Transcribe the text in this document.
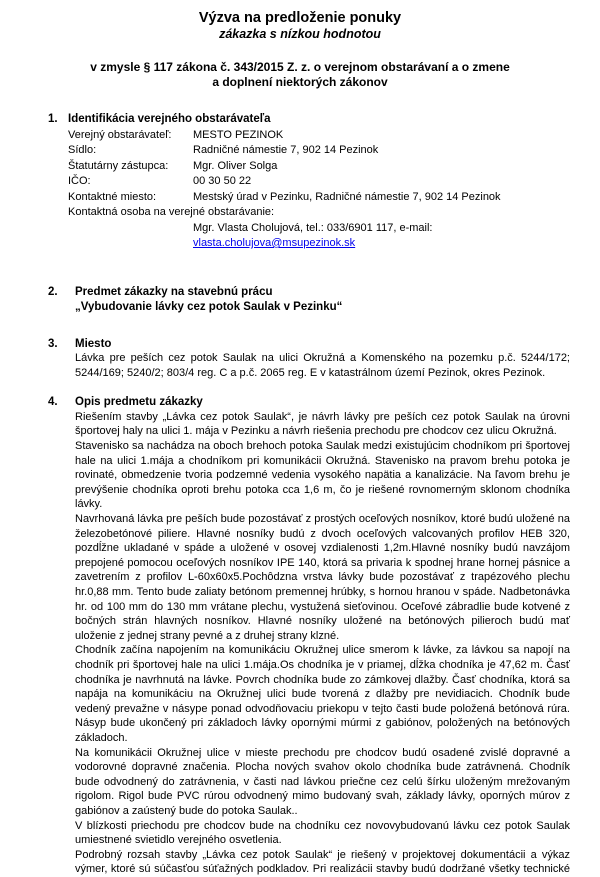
Výzva na predloženie ponuky
zákazka s nízkou hodnotou
v zmysle § 117 zákona č. 343/2015 Z. z. o verejnom obstarávaní a o zmene
a doplnení niektorých zákonov
1. Identifikácia verejného obstarávateľa
Verejný obstarávateľ:	MESTO PEZINOK
Sídlo:	Radničné námestie 7, 902 14 Pezinok
Štatutárny zástupca:	Mgr. Oliver Solga
IČO:	00 30 50 22
Kontaktné miesto:	Mestský úrad v Pezinku, Radničné námestie 7, 902 14 Pezinok
Kontaktná osoba na verejné obstarávanie:
Mgr. Vlasta Cholujová, tel.: 033/6901 117, e-mail:
vlasta.cholujova@msupezinok.sk
2.	Predmet zákazky na stavebnú prácu
„Vybudovanie lávky cez potok Saulak v Pezinku“
3.	Miesto

Lávka pre peších cez potok Saulak na ulici Okružná a Komenského na pozemku p.č. 5244/172; 5244/169; 5240/2; 803/4 reg. C a p.č. 2065 reg. E v katastrálnom území Pezinok, okres Pezinok.

4.	Opis predmetu zákazky

Riešením stavby „Lávka cez potok Saulak“, je návrh lávky pre peších cez potok Saulak na úrovni športovej haly na ulici 1. mája v Pezinku a návrh riešenia prechodu pre chodcov cez ulicu Okružná.

Stavenisko sa nachádza na oboch brehoch potoka Saulak medzi existujúcim chodníkom pri športovej hale na ulici 1.mája a chodníkom pri komunikácii Okružná. Stavenisko na pravom brehu potoka je rovinaté, obmedzenie tvoria podzemné vedenia vysokého napätia a kanalizácie. Na ľavom brehu je prevýšenie chodníka oproti brehu potoka cca 1,6 m, čo je riešené rovnomerným sklonom chodníka lávky.

Navrhovaná lávka pre peších bude pozostávať z prostých oceľových nosníkov, ktoré budú uložené na železobetónové piliere. Hlavné nosníky budú z dvoch oceľových valcovaných profilov HEB 320, pozdĺžne ukladané v spáde a uložené v osovej vzdialenosti 1,2m.Hlavné nosníky budú navzájom prepojené pomocou oceľových nosníkov IPE 140, ktorá sa privaria k spodnej hrane hornej pásnice a zavetrením z profilov L-60x60x5.Pochôdzna vrstva lávky bude pozostávať z trapézového plechu hr.0,88 mm. Tento bude zaliaty betónom premennej hrúbky, s hornou hranou v spáde. Nadbetonávka hr. od 100 mm do 130 mm vrátane plechu, vystužená sieťovinou. Oceľové zábradlie bude kotvené z bočných strán hlavných nosníkov. Hlavné nosníky uložené na betónových pilieroch budú mať uloženie z jednej strany pevné a z druhej strany klzné.

Chodník začína napojením na komunikáciu Okružnej ulice smerom k lávke, za lávkou sa napojí na chodník pri športovej hale na ulici 1.mája.Os chodníka je v priamej, dĺžka chodníka je 47,62 m. Časť chodníka je navrhnutá na lávke. Povrch chodníka bude zo zámkovej dlažby. Časť chodníka, ktorá sa napája na komunikáciu na Okružnej ulici bude tvorená z dlažby pre nevidiacich. Chodník bude vedený prevažne v násype ponad odvodňovaciu priekopu v tejto časti bude položená betónová rúra. Násyp bude ukončený pri základoch lávky opornými múrmi z gabiónov, položených na betónových základoch.

Na komunikácii Okružnej ulice v mieste prechodu pre chodcov budú osadené zvislé dopravné a vodorovné dopravné značenia. Plocha nových svahov okolo chodníka bude zatrávnená. Chodník bude odvodnený do zatrávnenia, v časti nad lávkou priečne cez celú šírku uloženým mrežovaným rigolom. Rigol bude PVC rúrou odvodnený mimo budovaný svah, základy lávky, oporných múrov z gabiónov a zaústený bude do potoka Saulak..

V blízkosti priechodu pre chodcov bude na chodníku cez novovybudovanú lávku cez potok Saulak umiestnené svietidlo verejného osvetlenia.

Podrobný rozsah stavby „Lávka cez potok Saulak“ je riešený v projektovej dokumentácii a výkaz výmer, ktoré sú súčasťou súťažných podkladov. Pri realizácii stavby budú dodržané všetky technické
